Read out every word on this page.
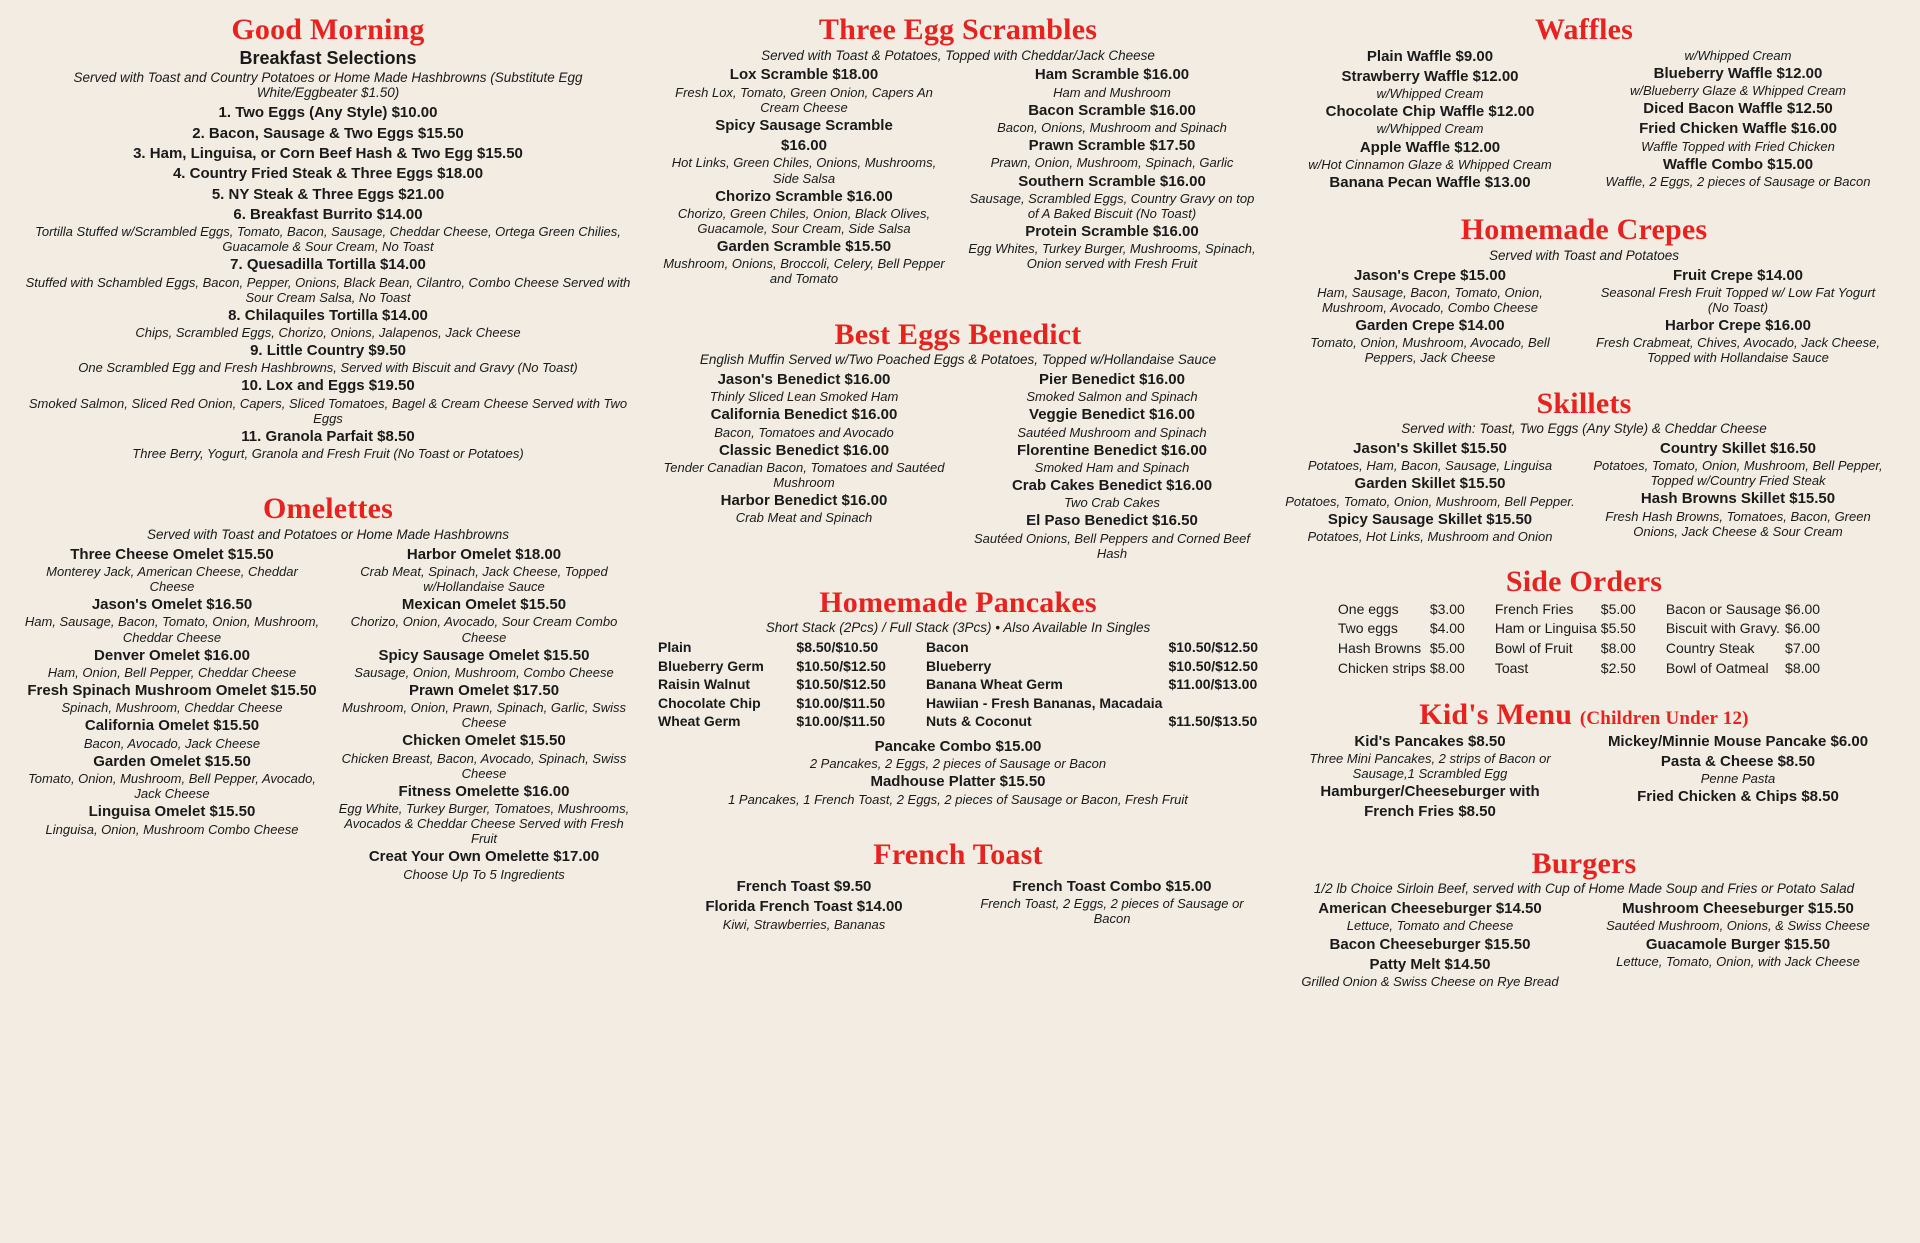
Good Morning
Breakfast Selections
Served with Toast and Country Potatoes or Home Made Hashbrowns (Substitute Egg White/Eggbeater $1.50)
1. Two Eggs (Any Style) $10.00
2. Bacon, Sausage & Two Eggs $15.50
3. Ham, Linguisa, or Corn Beef Hash & Two Egg $15.50
4. Country Fried Steak & Three Eggs $18.00
5. NY Steak & Three Eggs $21.00
6. Breakfast Burrito $14.00
Tortilla Stuffed w/Scrambled Eggs, Tomato, Bacon, Sausage, Cheddar Cheese, Ortega Green Chilies, Guacamole & Sour Cream, No Toast
7. Quesadilla Tortilla $14.00
Stuffed with Schambled Eggs, Bacon, Pepper, Onions, Black Bean, Cilantro, Combo Cheese Served with Sour Cream Salsa, No Toast
8. Chilaquiles Tortilla $14.00
Chips, Scrambled Eggs, Chorizo, Onions, Jalapenos, Jack Cheese
9. Little Country $9.50
One Scrambled Egg and Fresh Hashbrowns, Served with Biscuit and Gravy (No Toast)
10. Lox and Eggs $19.50
Smoked Salmon, Sliced Red Onion, Capers, Sliced Tomatoes, Bagel & Cream Cheese Served with Two Eggs
11. Granola Parfait $8.50
Three Berry, Yogurt, Granola and Fresh Fruit (No Toast or Potatoes)
Omelettes
Served with Toast and Potatoes or Home Made Hashbrowns
Three Cheese Omelet $15.50
Monterey Jack, American Cheese, Cheddar Cheese
Jason's Omelet $16.50
Ham, Sausage, Bacon, Tomato, Onion, Mushroom, Cheddar Cheese
Denver Omelet $16.00
Ham, Onion, Bell Pepper, Cheddar Cheese
Fresh Spinach Mushroom Omelet $15.50
Spinach, Mushroom, Cheddar Cheese
California Omelet $15.50
Bacon, Avocado, Jack Cheese
Garden Omelet $15.50
Tomato, Onion, Mushroom, Bell Pepper, Avocado, Jack Cheese
Linguisa Omelet $15.50
Linguisa, Onion, Mushroom Combo Cheese
Harbor Omelet $18.00
Crab Meat, Spinach, Jack Cheese, Topped w/Hollandaise Sauce
Mexican Omelet $15.50
Chorizo, Onion, Avocado, Sour Cream Combo Cheese
Spicy Sausage Omelet $15.50
Sausage, Onion, Mushroom, Combo Cheese
Prawn Omelet $17.50
Mushroom, Onion, Prawn, Spinach, Garlic, Swiss Cheese
Chicken Omelet $15.50
Chicken Breast, Bacon, Avocado, Spinach, Swiss Cheese
Fitness Omelette $16.00
Egg White, Turkey Burger, Tomatoes, Mushrooms, Avocados & Cheddar Cheese Served with Fresh Fruit
Creat Your Own Omelette $17.00
Choose Up To 5 Ingredients
Three Egg Scrambles
Served with Toast & Potatoes, Topped with Cheddar/Jack Cheese
Lox Scramble $18.00
Fresh Lox, Tomato, Green Onion, Capers An Cream Cheese
Spicy Sausage Scramble
$16.00
Hot Links, Green Chiles, Onions, Mushrooms, Side Salsa
Chorizo Scramble $16.00
Chorizo, Green Chiles, Onion, Black Olives, Guacamole, Sour Cream, Side Salsa
Garden Scramble $15.50
Mushroom, Onions, Broccoli, Celery, Bell Pepper and Tomato
Ham Scramble $16.00
Ham and Mushroom
Bacon Scramble $16.00
Bacon, Onions, Mushroom and Spinach
Prawn Scramble $17.50
Prawn, Onion, Mushroom, Spinach, Garlic
Southern Scramble $16.00
Sausage, Scrambled Eggs, Country Gravy on top of A Baked Biscuit (No Toast)
Protein Scramble $16.00
Egg Whites, Turkey Burger, Mushrooms, Spinach, Onion served with Fresh Fruit
Best Eggs Benedict
English Muffin Served w/Two Poached Eggs & Potatoes, Topped w/Hollandaise Sauce
Jason's Benedict $16.00
Thinly Sliced Lean Smoked Ham
California Benedict $16.00
Bacon, Tomatoes and Avocado
Classic Benedict $16.00
Tender Canadian Bacon, Tomatoes and Sautéed Mushroom
Harbor Benedict $16.00
Crab Meat and Spinach
Pier Benedict $16.00
Smoked Salmon and Spinach
Veggie Benedict $16.00
Sautéed Mushroom and Spinach
Florentine Benedict $16.00
Smoked Ham and Spinach
Crab Cakes Benedict $16.00
Two Crab Cakes
El Paso Benedict $16.50
Sautéed Onions, Bell Peppers and Corned Beef Hash
Homemade Pancakes
Short Stack (2Pcs) / Full Stack (3Pcs) • Also Available In Singles
Plain	$8.50/$10.50
Blueberry Germ	$10.50/$12.50
Raisin Walnut	$10.50/$12.50
Chocolate Chip	$10.00/$11.50
Wheat Germ	$10.00/$11.50
Bacon	$10.50/$12.50
Blueberry	$10.50/$12.50
Banana Wheat Germ	$11.00/$13.00
Hawiian - Fresh Bananas, Macadaia	
Nuts & Coconut	$11.50/$13.50
Pancake Combo $15.00
2 Pancakes, 2 Eggs, 2 pieces of Sausage or Bacon
Madhouse Platter $15.50
1 Pancakes, 1 French Toast, 2 Eggs, 2 pieces of Sausage or Bacon, Fresh Fruit
French Toast
French Toast $9.50
Florida French Toast $14.00
Kiwi, Strawberries, Bananas
French Toast Combo $15.00
French Toast, 2 Eggs, 2 pieces of Sausage or Bacon
Waffles
Plain Waffle $9.00
Strawberry Waffle $12.00
w/Whipped Cream
Chocolate Chip Waffle $12.00
w/Whipped Cream
Apple Waffle $12.00
w/Hot Cinnamon Glaze & Whipped Cream
Banana Pecan Waffle $13.00
w/Whipped Cream
Blueberry Waffle $12.00
w/Blueberry Glaze & Whipped Cream
Diced Bacon Waffle $12.50
Fried Chicken Waffle $16.00
Waffle Topped with Fried Chicken
Waffle Combo $15.00
Waffle, 2 Eggs, 2 pieces of Sausage or Bacon
Homemade Crepes
Served with Toast and Potatoes
Jason's Crepe $15.00
Ham, Sausage, Bacon, Tomato, Onion, Mushroom, Avocado, Combo Cheese
Garden Crepe $14.00
Tomato, Onion, Mushroom, Avocado, Bell Peppers, Jack Cheese
Fruit Crepe $14.00
Seasonal Fresh Fruit Topped w/ Low Fat Yogurt (No Toast)
Harbor Crepe $16.00
Fresh Crabmeat, Chives, Avocado, Jack Cheese, Topped with Hollandaise Sauce
Skillets
Served with: Toast, Two Eggs (Any Style) & Cheddar Cheese
Jason's Skillet $15.50
Potatoes, Ham, Bacon, Sausage, Linguisa
Garden Skillet $15.50
Potatoes, Tomato, Onion, Mushroom, Bell Pepper.
Spicy Sausage Skillet $15.50
Potatoes, Hot Links, Mushroom and Onion
Country Skillet $16.50
Potatoes, Tomato, Onion, Mushroom, Bell Pepper, Topped w/Country Fried Steak
Hash Browns Skillet $15.50
Fresh Hash Browns, Tomatoes, Bacon, Green Onions, Jack Cheese & Sour Cream
Side Orders
One eggs	$3.00
Two eggs	$4.00
Hash Browns	$5.00
Chicken strips	$8.00
French Fries	$5.00
Ham or Linguisa	$5.50
Bowl of Fruit	$8.00
Toast	$2.50
Bacon or Sausage	$6.00
Biscuit with Gravy.	$6.00
Country Steak	$7.00
Bowl of Oatmeal	$8.00
Kid's Menu (Children Under 12)
Kid's Pancakes $8.50
Three Mini Pancakes, 2 strips of Bacon or Sausage,1 Scrambled Egg
Hamburger/Cheeseburger with
French Fries $8.50
Mickey/Minnie Mouse Pancake $6.00
Pasta & Cheese $8.50
Penne Pasta
Fried Chicken & Chips $8.50
Burgers
1/2 lb Choice Sirloin Beef, served with Cup of Home Made Soup and Fries or Potato Salad
American Cheeseburger $14.50
Lettuce, Tomato and Cheese
Bacon Cheeseburger $15.50
Patty Melt $14.50
Grilled Onion & Swiss Cheese on Rye Bread
Mushroom Cheeseburger $15.50
Sautéed Mushroom, Onions, & Swiss Cheese
Guacamole Burger $15.50
Lettuce, Tomato, Onion, with Jack Cheese
